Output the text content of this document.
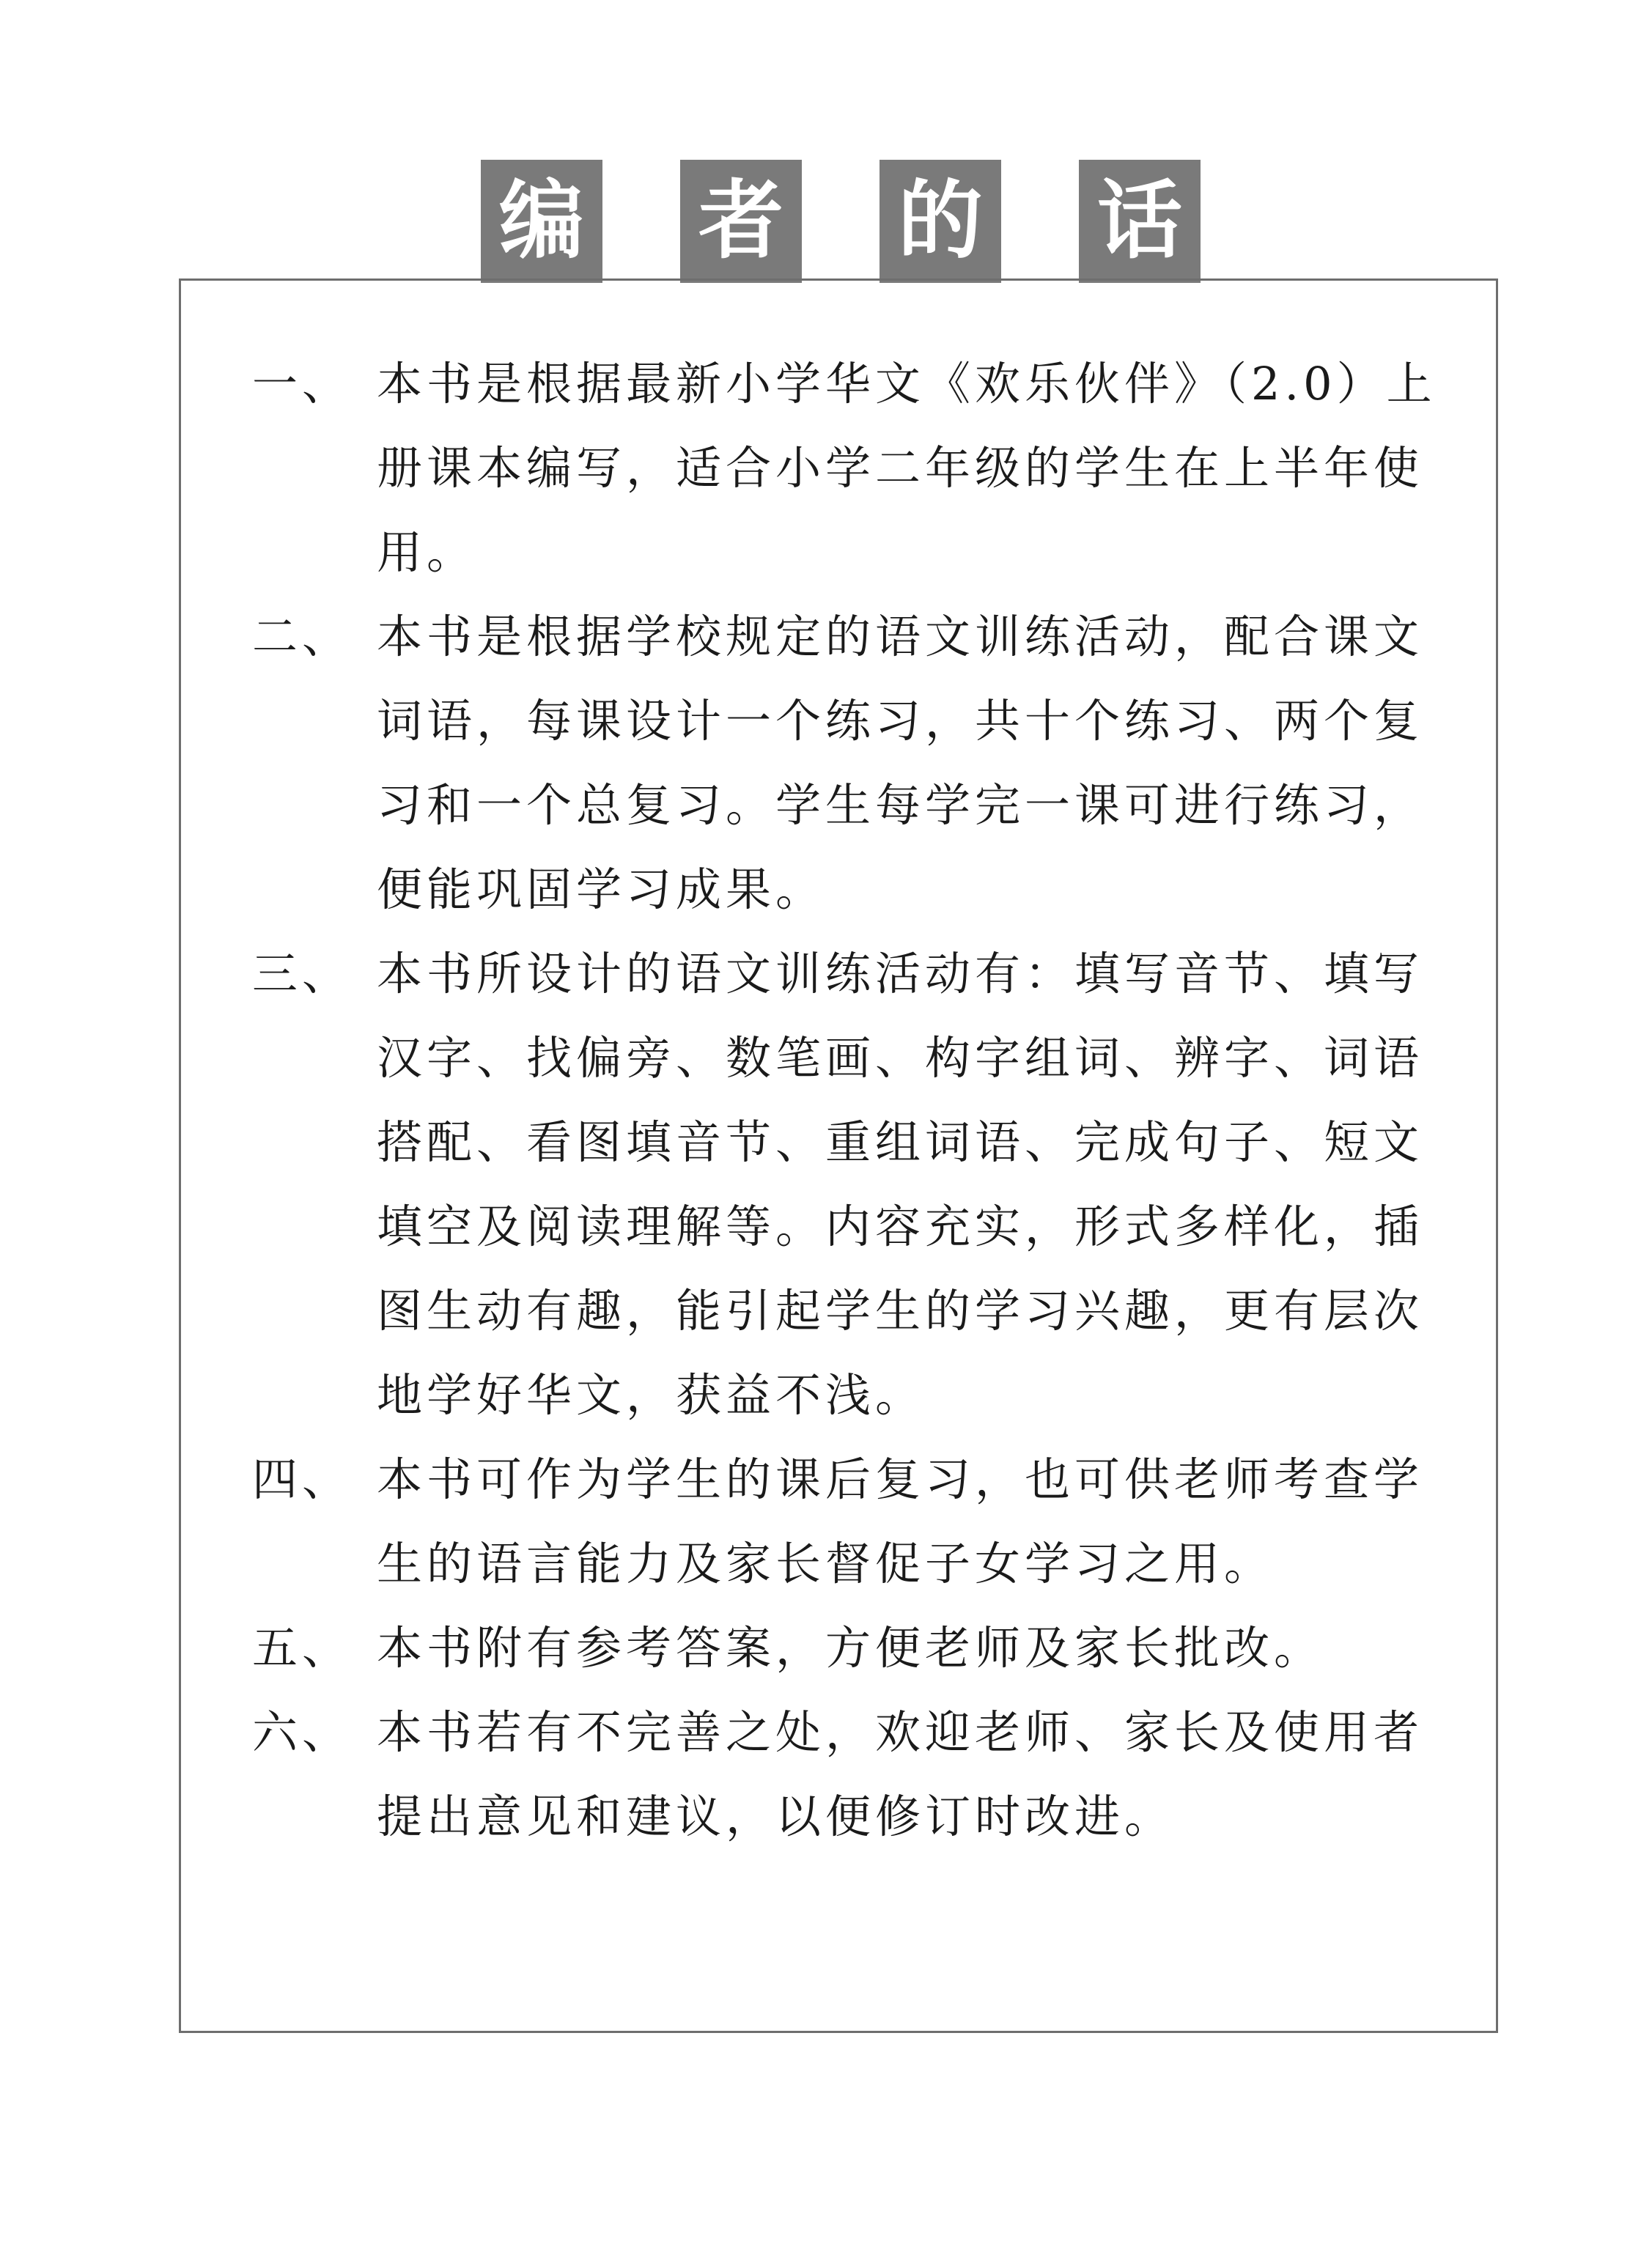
编 者 的 话
一、 本书是根据最新小学华文《欢乐伙伴》（2.0）上册课本编写，适合小学二年级的学生在上半年使用。
二、 本书是根据学校规定的语文训练活动，配合课文词语，每课设计一个练习，共十个练习、两个复习和一个总复习。学生每学完一课可进行练习，便能巩固学习成果。
三、 本书所设计的语文训练活动有：填写音节、填写汉字、找偏旁、数笔画、构字组词、辨字、词语搭配、看图填音节、重组词语、完成句子、短文填空及阅读理解等。内容充实，形式多样化，插图生动有趣，能引起学生的学习兴趣，更有层次地学好华文，获益不浅。
四、 本书可作为学生的课后复习，也可供老师考查学生的语言能力及家长督促子女学习之用。
五、 本书附有参考答案，方便老师及家长批改。
六、 本书若有不完善之处，欢迎老师、家长及使用者提出意见和建议，以便修订时改进。
